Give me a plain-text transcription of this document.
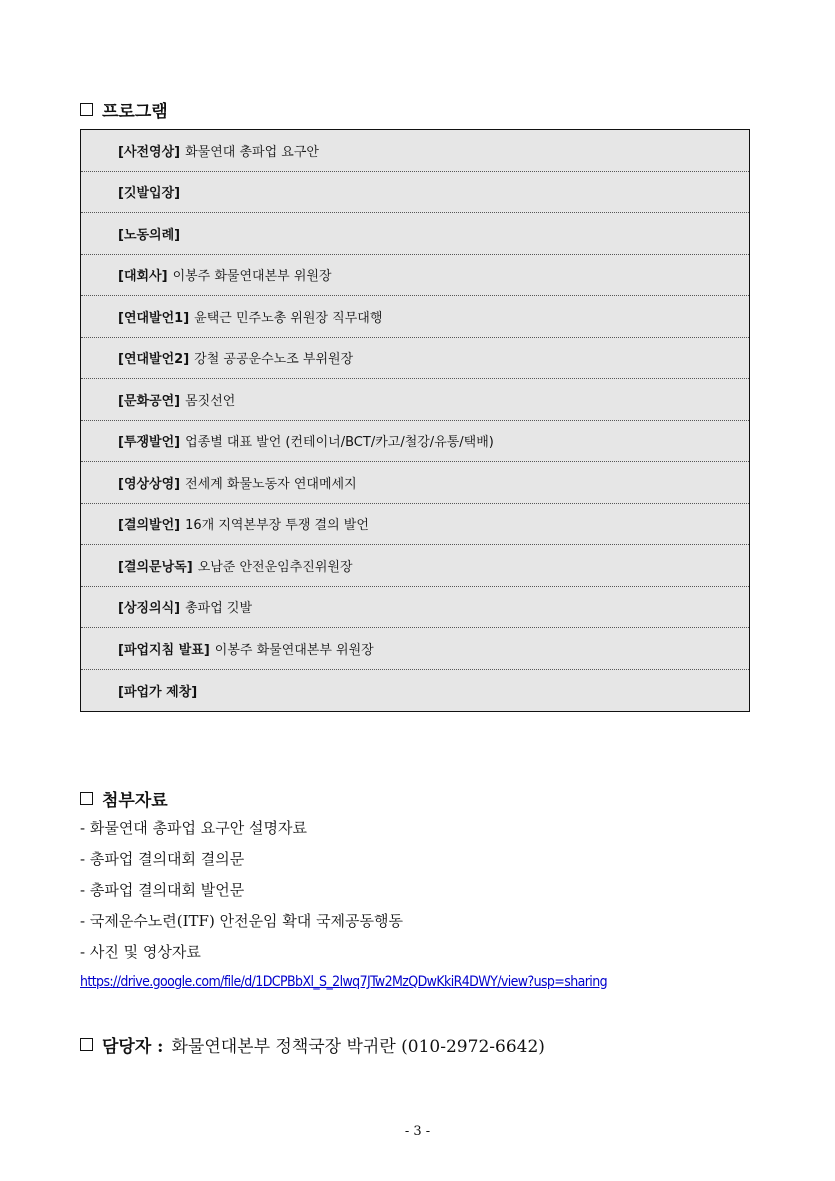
프로그램
[사전영상] 화물연대 총파업 요구안
[깃발입장]
[노동의례]
[대회사] 이봉주 화물연대본부 위원장
[연대발언1] 윤택근 민주노총 위원장 직무대행
[연대발언2] 강철 공공운수노조 부위원장
[문화공연] 몸짓선언
[투쟁발언] 업종별 대표 발언 (컨테이너/BCT/카고/철강/유통/택배)
[영상상영] 전세계 화물노동자 연대메세지
[결의발언] 16개 지역본부장 투쟁 결의 발언
[결의문낭독] 오남준 안전운임추진위원장
[상징의식] 총파업 깃발
[파업지침 발표] 이봉주 화물연대본부 위원장
[파업가 제창]
첨부자료
- 화물연대 총파업 요구안 설명자료
- 총파업 결의대회 결의문
- 총파업 결의대회 발언문
- 국제운수노련(ITF) 안전운임 확대 국제공동행동
- 사진 및 영상자료
https://drive.google.com/file/d/1DCPBbXl_S_2lwq7JTw2MzQDwKkiR4DWY/view?usp=sharing
담당자 : 화물연대본부 정책국장 박귀란 (010-2972-6642)
- 3 -
